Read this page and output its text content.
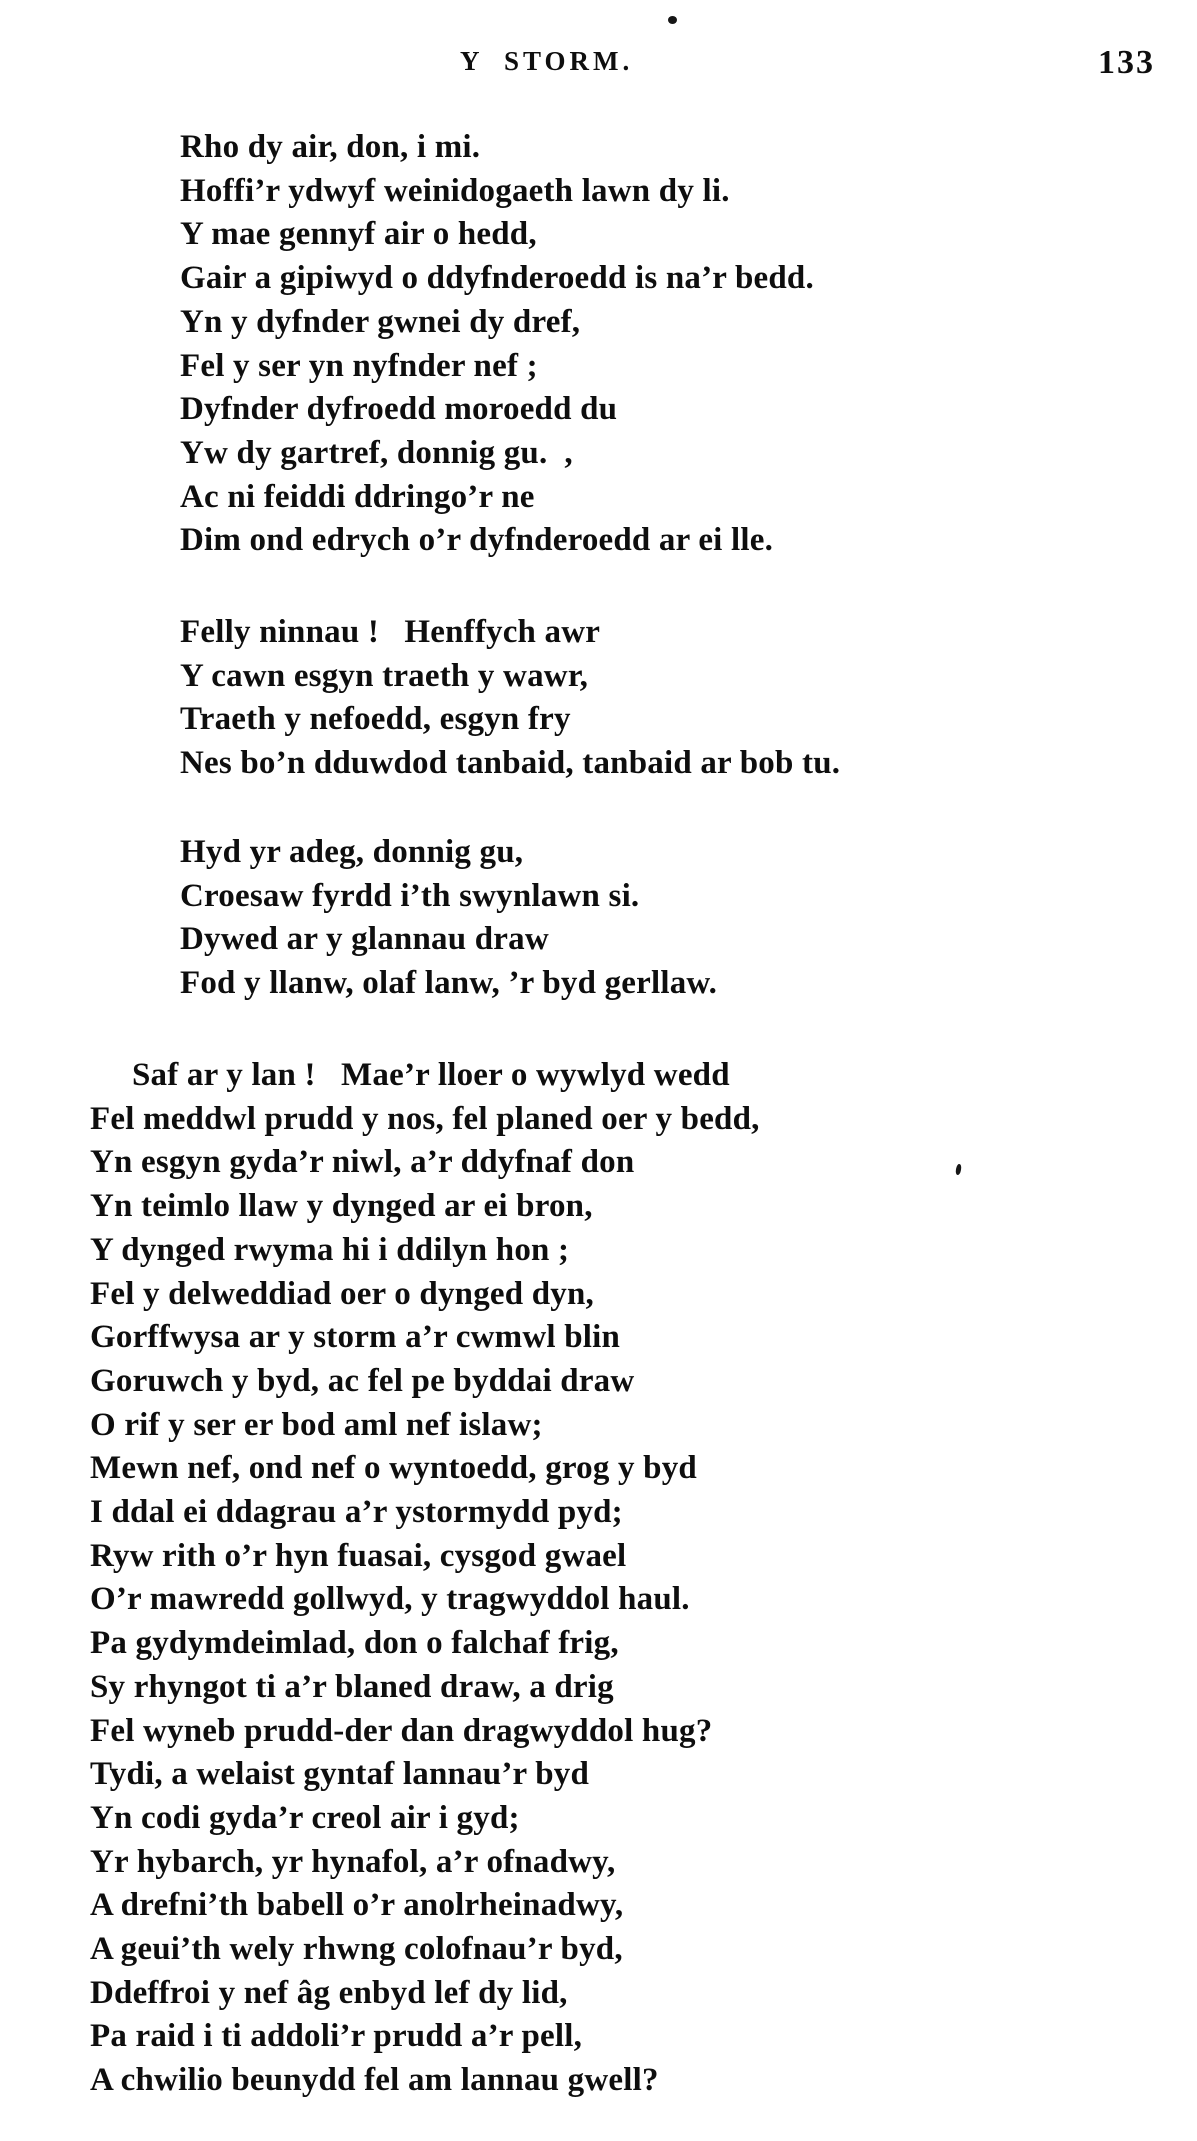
Y  STORM.	133
Rho dy air, don, i mi.
Hoffi’r ydwyf weinidogaeth lawn dy li.
Y mae gennyf air o hedd,
Gair a gipiwyd o ddyfnderoedd is na’r bedd.
Yn y dyfnder gwnei dy dref,
Fel y ser yn nyfnder nef ;
Dyfnder dyfroedd moroedd du
Yw dy gartref, donnig gu.  ,
Ac ni feiddi ddringo’r ne
Dim ond edrych o’r dyfnderoedd ar ei lle.
Felly ninnau !   Henffych awr
Y cawn esgyn traeth y wawr,
Traeth y nefoedd, esgyn fry
Nes bo’n dduwdod tanbaid, tanbaid ar bob tu.
Hyd yr adeg, donnig gu,
Croesaw fyrdd i’th swynlawn si.
Dywed ar y glannau draw
Fod y llanw, olaf lanw, ’r byd gerllaw.
Saf ar y lan !   Mae’r lloer o wywlyd wedd
Fel meddwl prudd y nos, fel planed oer y bedd,
Yn esgyn gyda’r niwl, a’r ddyfnaf don
Yn teimlo llaw y dynged ar ei bron,
Y dynged rwyma hi i ddilyn hon ;
Fel y delweddiad oer o dynged dyn,
Gorffwysa ar y storm a’r cwmwl blin
Goruwch y byd, ac fel pe byddai draw
O rif y ser er bod aml nef islaw;
Mewn nef, ond nef o wyntoedd, grog y byd
I ddal ei ddagrau a’r ystormydd pyd;
Ryw rith o’r hyn fuasai, cysgod gwael
O’r mawredd gollwyd, y tragwyddol haul.
Pa gydymdeimlad, don o falchaf frig,
Sy rhyngot ti a’r blaned draw, a drig
Fel wyneb prudd-der dan dragwyddol hug?
Tydi, a welaist gyntaf lannau’r byd
Yn codi gyda’r creol air i gyd;
Yr hybarch, yr hynafol, a’r ofnadwy,
A drefni’th babell o’r anolrheinadwy,
A geui’th wely rhwng colofnau’r byd,
Ddeffroi y nef âg enbyd lef dy lid,
Pa raid i ti addoli’r prudd a’r pell,
A chwilio beunydd fel am lannau gwell?
